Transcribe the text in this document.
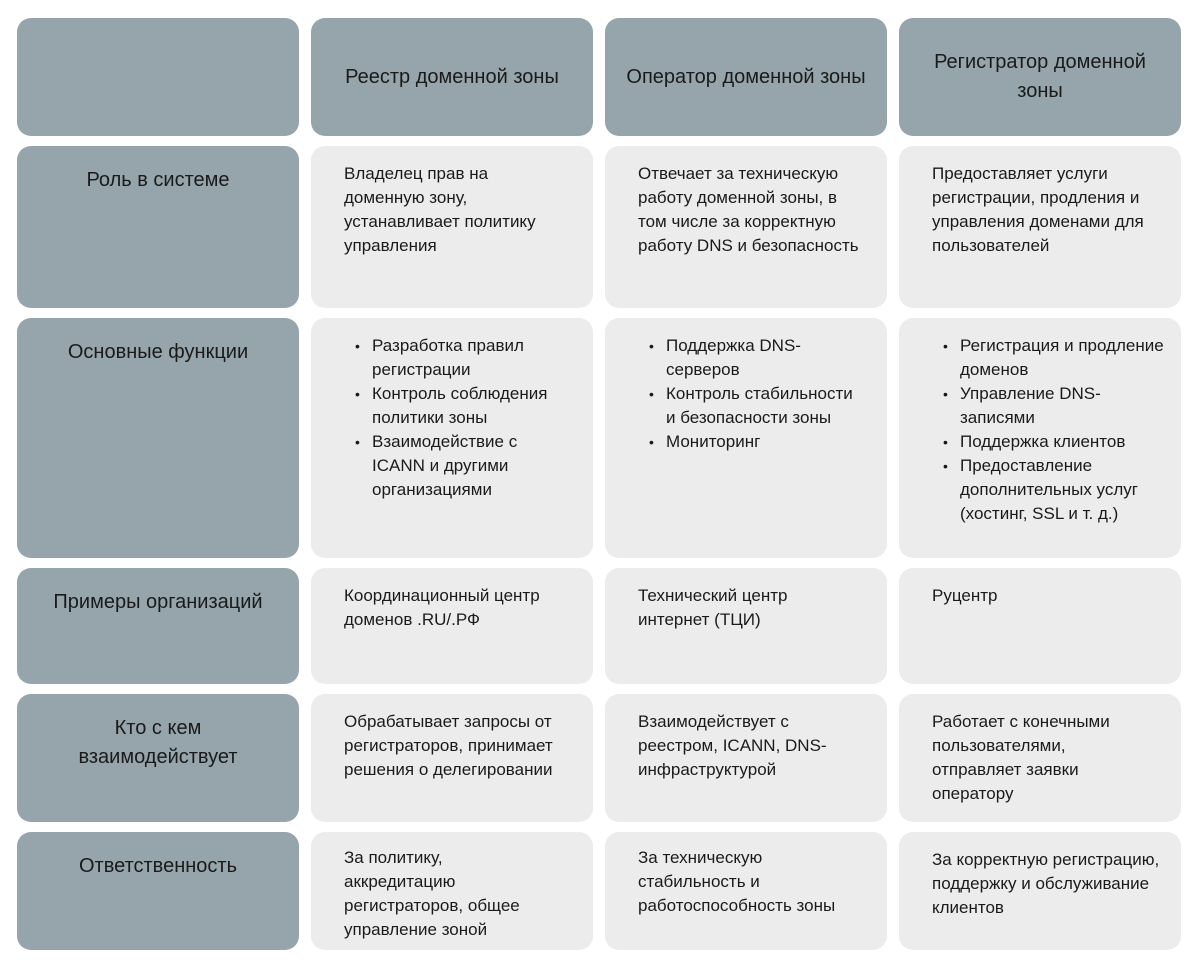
Реестр доменной зоны	Оператор доменной зоны
Регистратор доменной зоны
Роль в системе	Владелец прав на доменную зону, устанавливает политику управления
Отвечает за техническую работу доменной зоны, в том числе за корректную работу DNS и безопасность
Предоставляет услуги регистрации, продления и управления доменами для пользователей
Основные функции
•	Разработка правил регистрации
• Контроль соблюдения политики зоны
• Взаимодействие с ICANN и другими организациями
• Поддержка DNS-серверов
• Контроль стабильности и безопасности зоны
• Мониторинг
• Регистрация и продление доменов
• Управление DNS-записями
• Поддержка клиентов
• Предоставление дополнительных услуг (хостинг, SSL и т. д.)
Примеры организаций	Координационный центр доменов .RU/.РФ
Технический центр интернет (ТЦИ)
Руцентр
Кто с кем взаимодействует
Обрабатывает запросы от регистраторов, принимает решения о делегировании
Взаимодействует с реестром, ICANN, DNS-инфраструктурой
Работает с конечными пользователями, отправляет заявки оператору
Ответственность	За политику, аккредитацию регистраторов, общее управление зоной
За техническую стабильность и работоспособность зоны
За корректную регистрацию, поддержку и обслуживание клиентов
